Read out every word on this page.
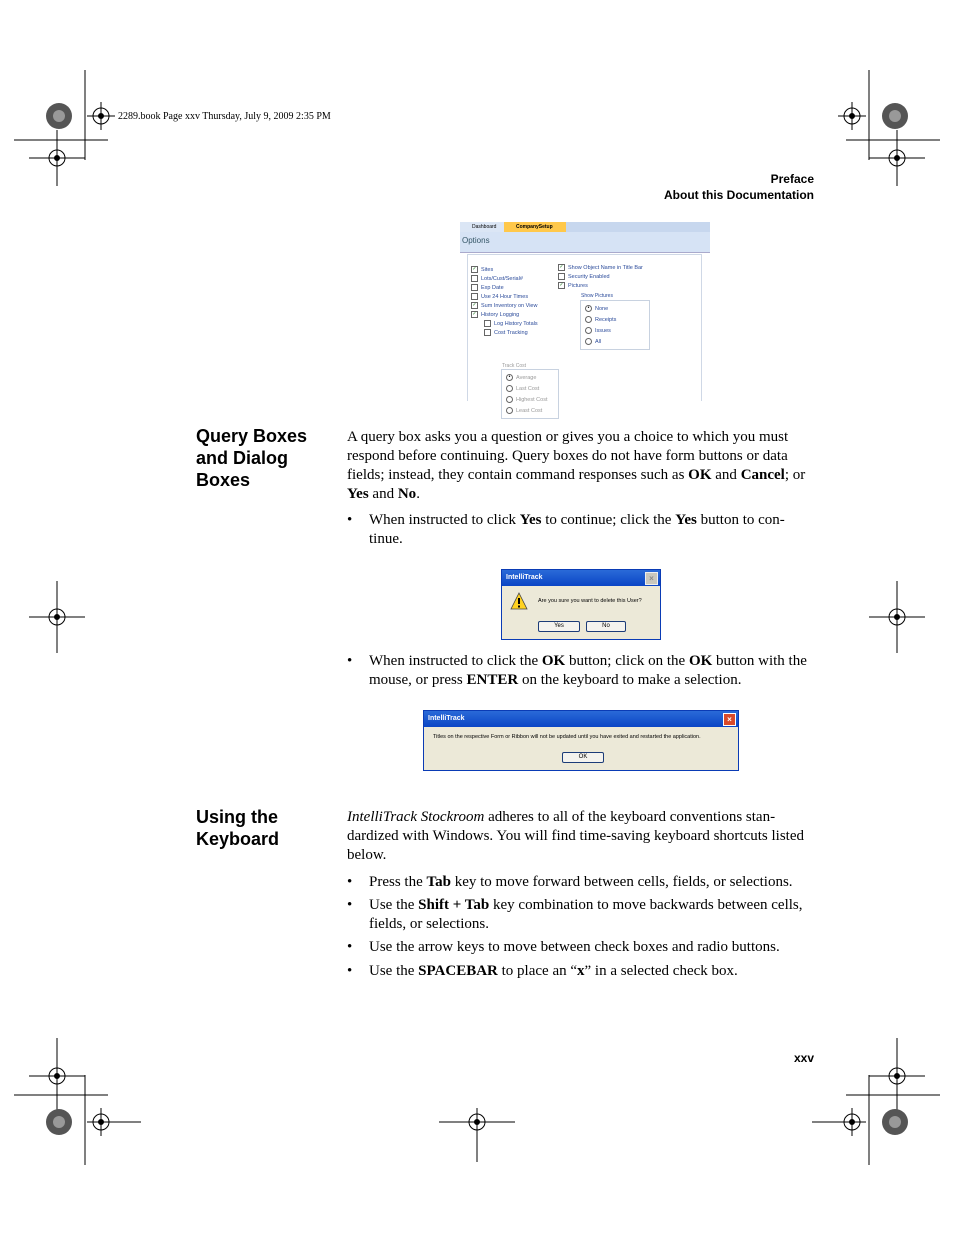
2289.book Page xxv Thursday, July 9, 2009 2:35 PM
Preface
About this Documentation
Dashboard	CompanySetup
Options
✓ Sites
Lots/Cust/Serial#
Exp Date
Use 24 Hour Times
✓ Sum Inventory on View
✓ History Logging
Log History Totals
Cost Tracking
Track Cost
• Average
Last Cost
Highest Cost
Least Cost
✓ Show Object Name in Title Bar
Security Enabled
✓ Pictures
Show Pictures
• None
Receipts
Issues
All
Query Boxes and Dialog Boxes
A query box asks you a question or gives you a choice to which you must respond before continuing. Query boxes do not have form buttons or data fields; instead, they contain command responses such as OK and Cancel; or Yes and No.
• When instructed to click Yes to continue; click the Yes button to con-tinue.
IntelliTrack	×
Are you sure you want to delete this User?
Yes	No
• When instructed to click the OK button; click on the OK button with the mouse, or press ENTER on the keyboard to make a selection.
IntelliTrack	×
Titles on the respective Form or Ribbon will not be updated until you have exited and restarted the application.
OK
Using the Keyboard
IntelliTrack Stockroom adheres to all of the keyboard conventions stan-dardized with Windows. You will find time-saving keyboard shortcuts listed below.
• Press the Tab key to move forward between cells, fields, or selections.
• Use the Shift + Tab key combination to move backwards between cells, fields, or selections.
• Use the arrow keys to move between check boxes and radio buttons.
• Use the SPACEBAR to place an “x” in a selected check box.
xxv
